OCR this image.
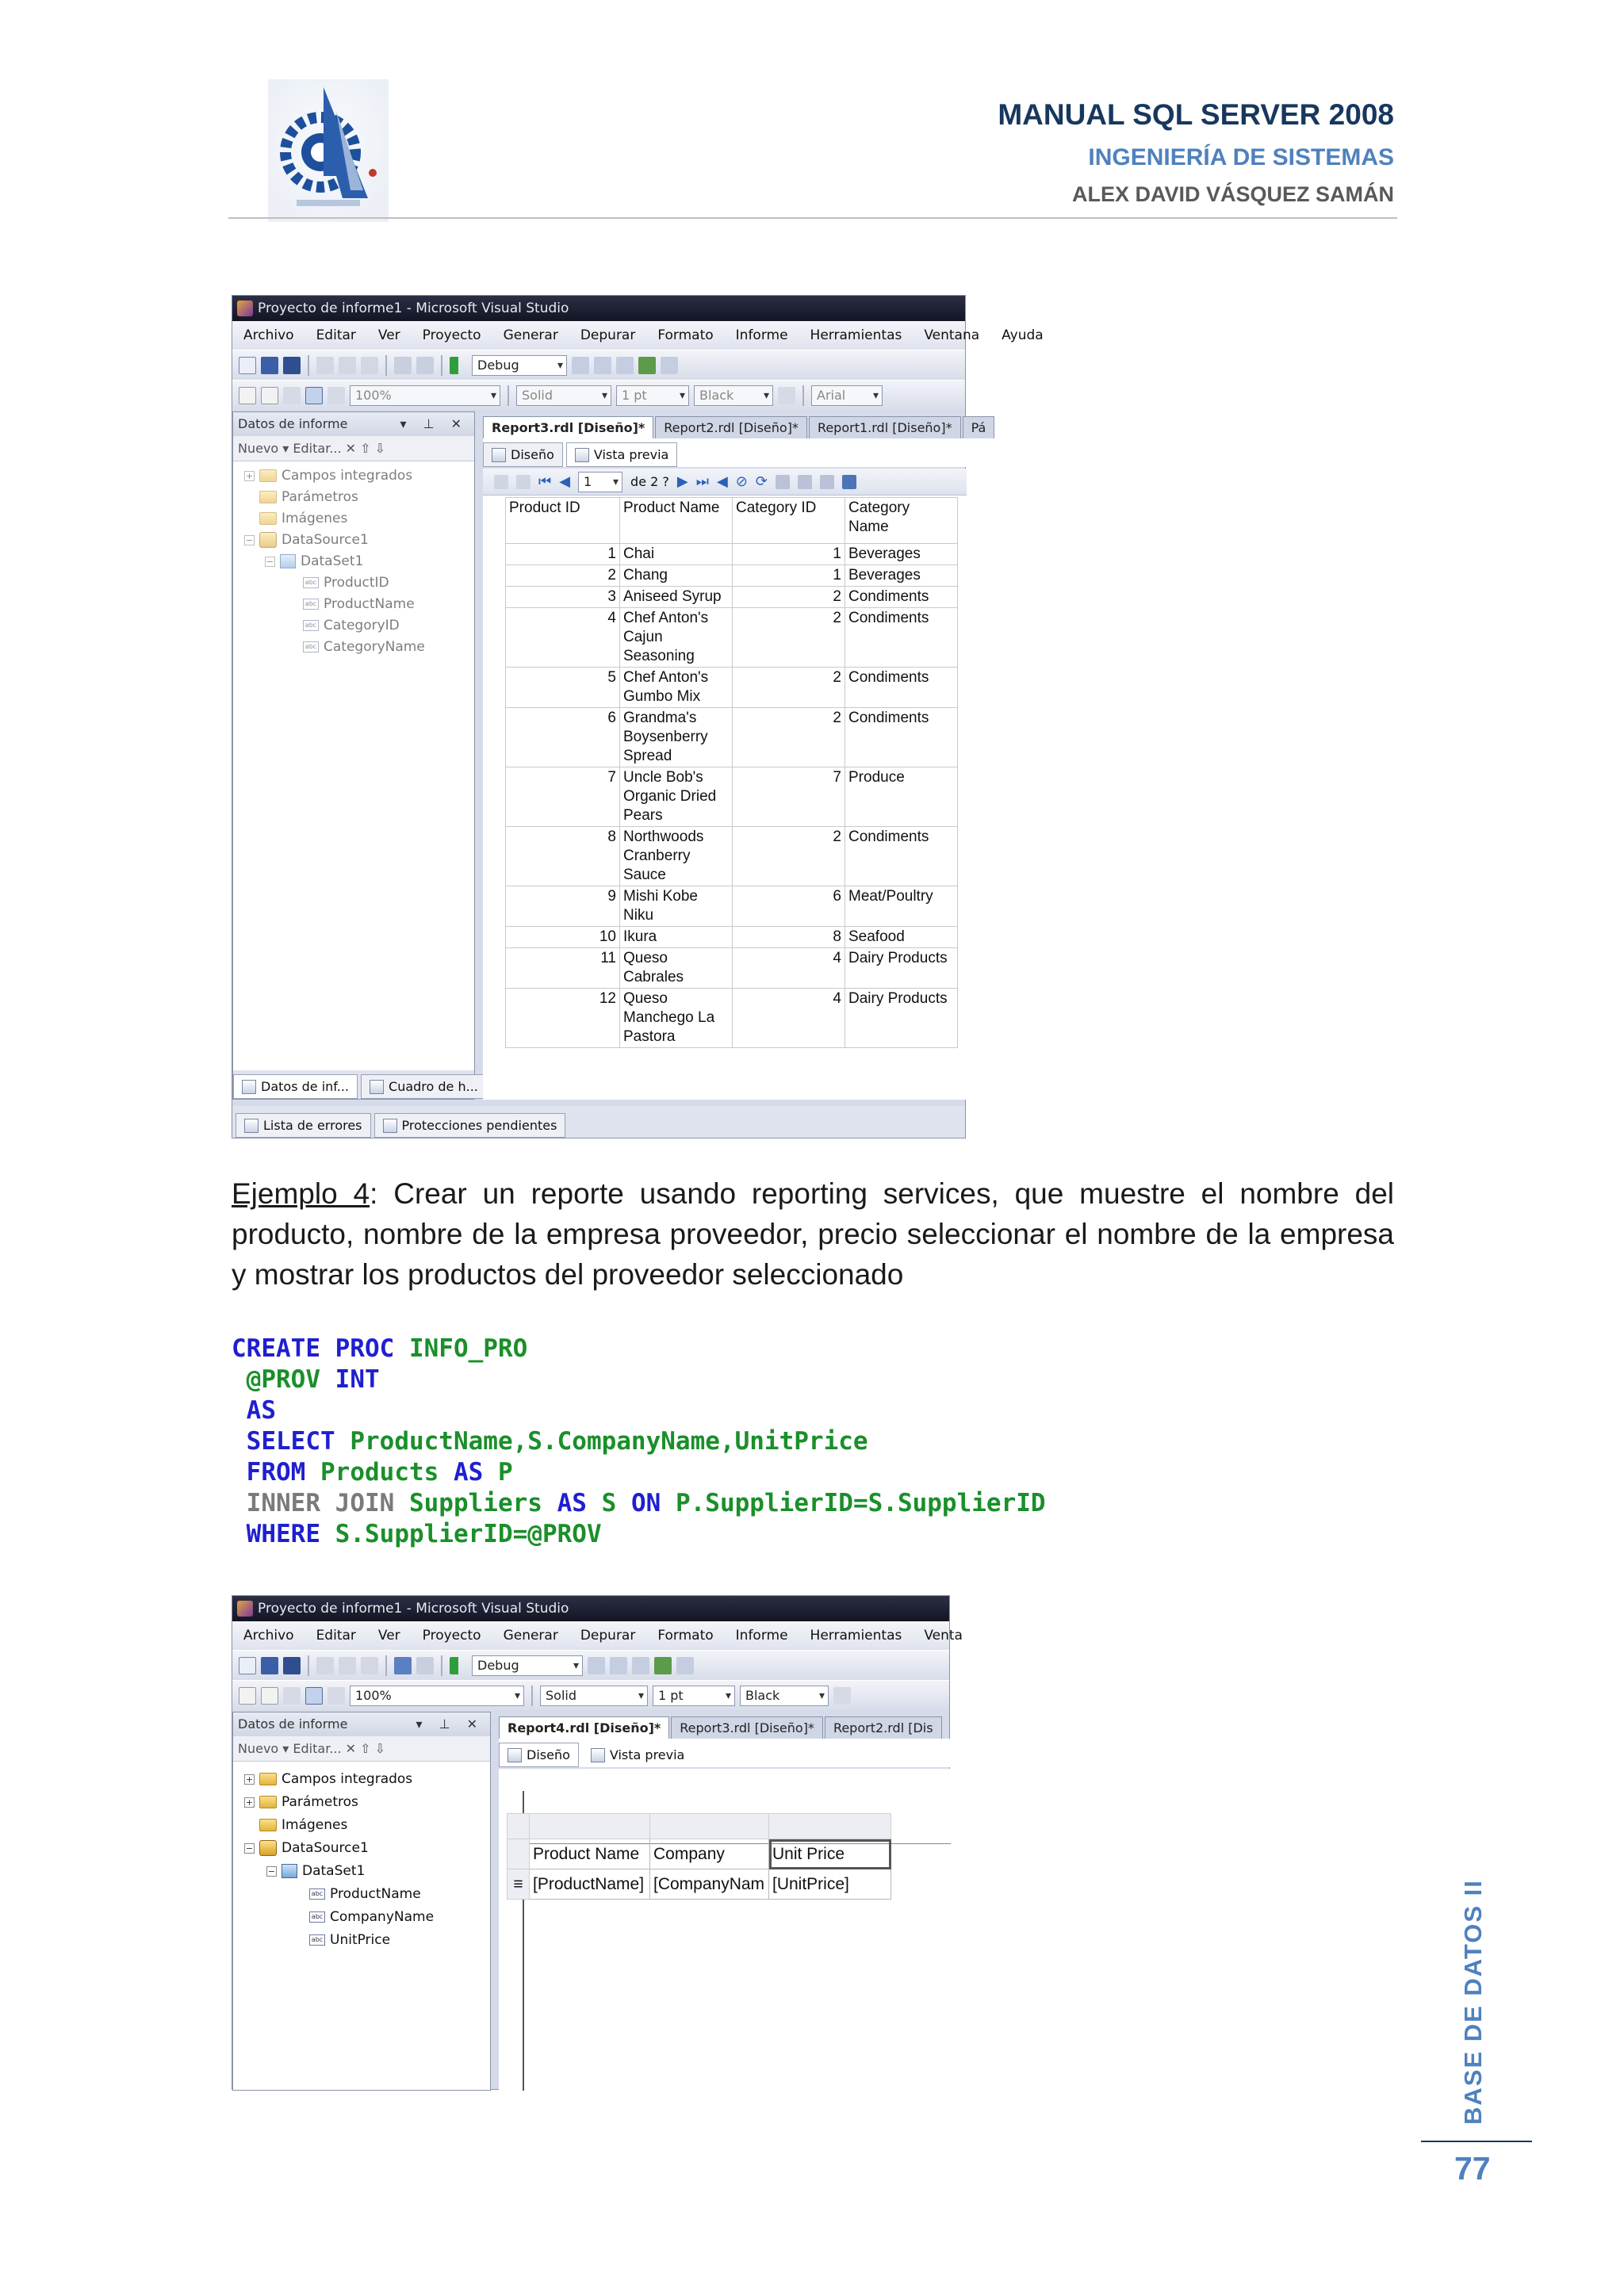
MANUAL SQL SERVER 2008
INGENIERÍA DE SISTEMAS
ALEX DAVID VÁSQUEZ SAMÁN
Proyecto de informe1 - Microsoft Visual Studio
Archivo	Editar	Ver	Proyecto	Generar	Depurar	Formato	Informe	Herramientas	Ventana	Ayuda
Debug ▾
100% ▾	Solid ▾	1 pt ▾	Black ▾	Arial ▾
Datos de informe	▾ ⊥ ✕
Nuevo ▾ Editar... ✕ ⇧ ⇩
+ Campos integrados
Parámetros
Imágenes
− DataSource1
− DataSet1
abc ProductID
abc ProductName
abc CategoryID
abc CategoryName
Datos de inf...	Cuadro de h...
Report3.rdl [Diseño]*	Report2.rdl [Diseño]*	Report1.rdl [Diseño]*	Pá
Diseño	Vista previa
⏮ ◀	1 ▾	de 2 ? ▶ ⏭ ◀ ⊘ ⟳
Product ID	Product Name	Category ID	Category Name
1	Chai	1	Beverages
2	Chang	1	Beverages
3	Aniseed Syrup	2	Condiments
4	Chef Anton's Cajun Seasoning	2	Condiments
5	Chef Anton's Gumbo Mix	2	Condiments
6	Grandma's Boysenberry Spread	2	Condiments
7	Uncle Bob's Organic Dried Pears	7	Produce
8	Northwoods Cranberry Sauce	2	Condiments
9	Mishi Kobe Niku	6	Meat/Poultry
10	Ikura	8	Seafood
11	Queso Cabrales	4	Dairy Products
12	Queso Manchego La Pastora	4	Dairy Products
Lista de errores	Protecciones pendientes

Ejemplo 4: Crear un reporte usando reporting services, que muestre el nombre del producto, nombre de la empresa proveedor, precio seleccionar el nombre de la empresa y mostrar los productos del proveedor seleccionado

CREATE PROC INFO_PRO
@PROV INT
AS
SELECT ProductName,S.CompanyName,UnitPrice
FROM Products AS P
INNER JOIN Suppliers AS S ON P.SupplierID=S.SupplierID
WHERE S.SupplierID=@PROV
Proyecto de informe1 - Microsoft Visual Studio
Archivo	Editar	Ver	Proyecto	Generar	Depurar	Formato	Informe	Herramientas	Venta
Debug ▾
100% ▾	Solid ▾	1 pt ▾	Black ▾
Datos de informe	▾ ⊥ ✕
Nuevo ▾ Editar... ✕ ⇧ ⇩
+ Campos integrados
+ Parámetros
Imágenes
− DataSource1
− DataSet1
abc ProductName
abc CompanyName
abc UnitPrice
Report4.rdl [Diseño]*	Report3.rdl [Diseño]*	Report2.rdl [Dis
Diseño	Vista previa

	Product Name	Company	Unit Price
≡	[ProductName]	[CompanyNam	[UnitPrice]	BASE DE DATOS II
77
